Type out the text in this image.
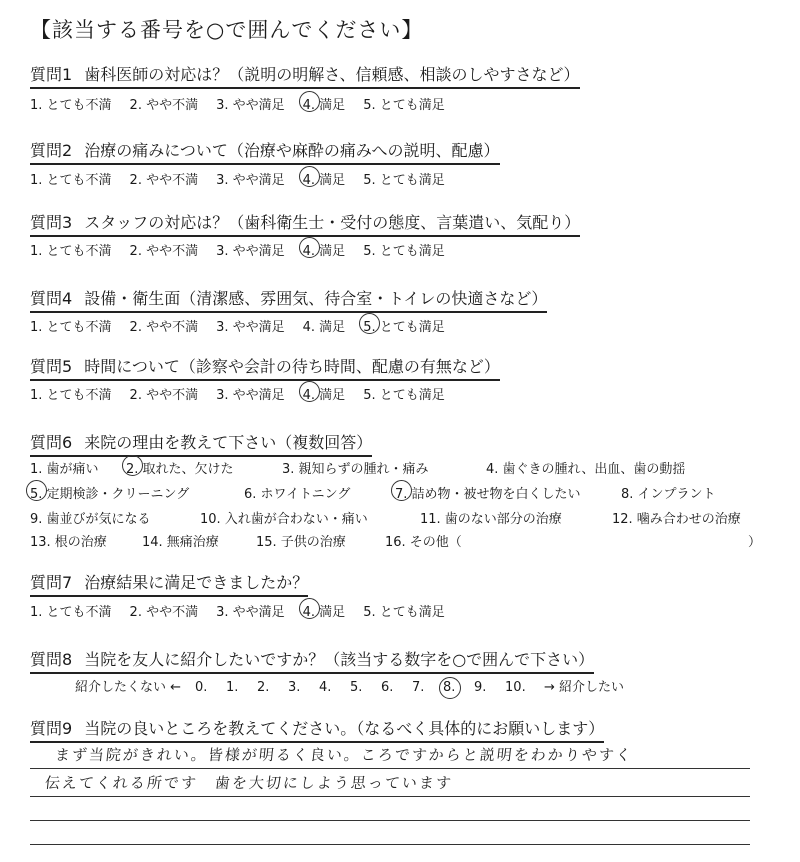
【該当する番号を○で囲んでください】
質問1 歯科医師の対応は？（説明の明解さ、信頼感、相談のしやすさなど）
1. とても不満 2. やや不満 3. やや満足 4. 満足 5. とても満足
質問2 治療の痛みについて（治療や麻酔の痛みへの説明、配慮）
1. とても不満 2. やや不満 3. やや満足 4. 満足 5. とても満足
質問3 スタッフの対応は？（歯科衛生士・受付の態度、言葉遣い、気配り）
1. とても不満 2. やや不満 3. やや満足 4. 満足 5. とても満足
質問4 設備・衛生面（清潔感、雰囲気、待合室・トイレの快適さなど）
1. とても不満 2. やや不満 3. やや満足 4. 満足 5. とても満足
質問5 時間について（診察や会計の待ち時間、配慮の有無など）
1. とても不満 2. やや不満 3. やや満足 4. 満足 5. とても満足
質問6 来院の理由を教えて下さい（複数回答）
質問7 治療結果に満足できましたか？
1. とても不満 2. やや不満 3. やや満足 4. 満足 5. とても満足
質問8 当院を友人に紹介したいですか？（該当する数字を○で囲んで下さい）
質問9 当院の良いところを教えてください。（なるべく具体的にお願いします）
1. 歯が痛い 2. 取れた、欠けた	3. 親知らずの腫れ・痛み	4. 歯ぐきの腫れ、出血、歯の動揺
5. 定期検診・クリーニング	6. ホワイトニング	7. 詰め物・被せ物を白くしたい	8. インプラント
9. 歯並びが気になる	10. 入れ歯が合わない・痛い	11. 歯のない部分の治療	12. 噛み合わせの治療
13. 根の治療	14. 無痛治療	15. 子供の治療	16. その他（	）
紹介したくない ← 0. 1. 2. 3. 4. 5. 6. 7. 8. 9. 10. → 紹介したい
まず当院がきれい。皆様が明るく良い。ころですからと説明をわかりやすく
伝えてくれる所です　歯を大切にしよう思っています
